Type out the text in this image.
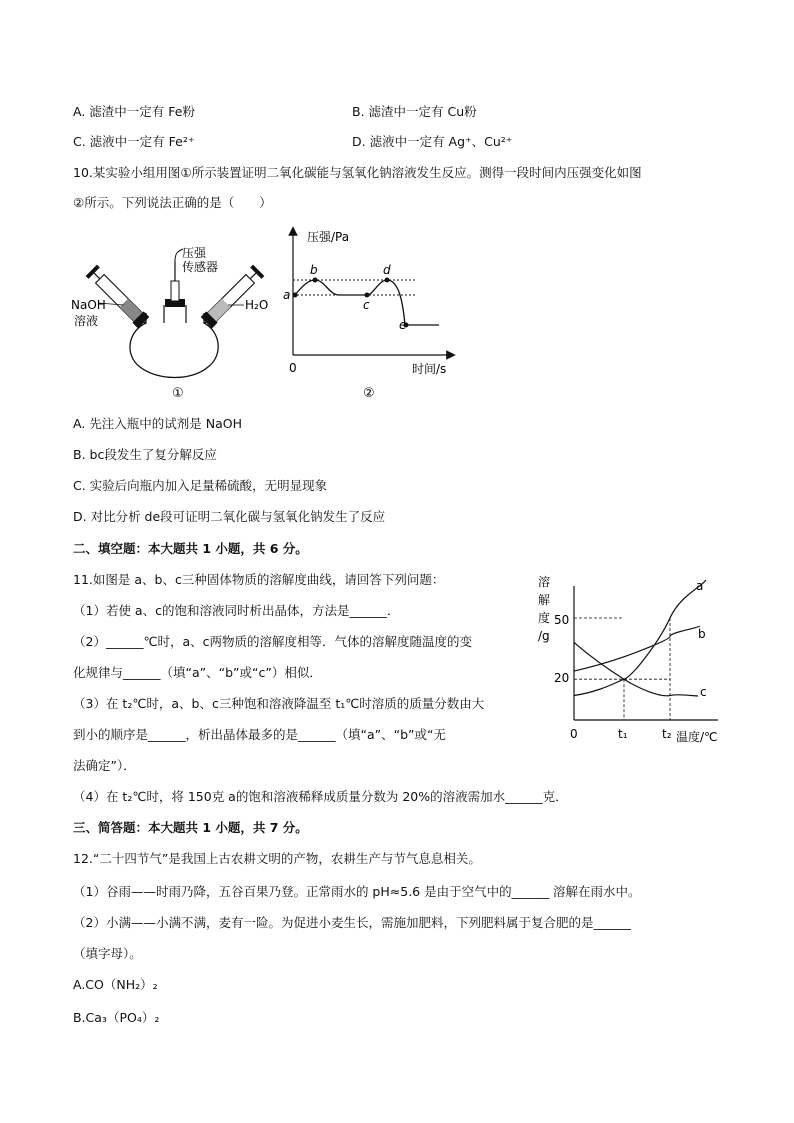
A. 滤渣中一定有 Fe粉	B. 滤渣中一定有 Cu粉
C. 滤液中一定有 Fe²⁺	D. 滤液中一定有 Ag⁺、Cu²⁺
10.某实验小组用图①所示装置证明二氧化碳能与氢氧化钠溶液发生反应。测得一段时间内压强变化如图
②所示。下列说法正确的是（　　）
压强
传感器
NaOH
溶液
H₂O
①
压强/Pa
时间/s
0
a
b
c
d
e
②
A. 先注入瓶中的试剂是 NaOH
B. bc段发生了复分解反应
C. 实验后向瓶内加入足量稀硫酸，无明显现象
D. 对比分析 de段可证明二氧化碳与氢氧化钠发生了反应
二、填空题：本大题共 1 小题，共 6 分。
11.如图是 a、b、c三种固体物质的溶解度曲线，请回答下列问题：
（1）若使 a、c的饱和溶液同时析出晶体，方法是______．
（2）______℃时，a、c两物质的溶解度相等．气体的溶解度随温度的变
化规律与______（填“a”、“b”或“c”）相似．
（3）在 t₂℃时，a、b、c三种饱和溶液降温至 t₁℃时溶质的质量分数由大
到小的顺序是______，析出晶体最多的是______（填“a”、“b”或“无
法确定”）．
（4）在 t₂℃时，将 150克 a的饱和溶液稀释成质量分数为 20%的溶液需加水______克．
溶
解
度
/g
50
20
0	t₁	t₂ 温度/℃
a
b
c
三、简答题：本大题共 1 小题，共 7 分。
12.“二十四节气”是我国上古农耕文明的产物，农耕生产与节气息息相关。
（1）谷雨——时雨乃降，五谷百果乃登。正常雨水的 pH≈5.6 是由于空气中的______ 溶解在雨水中。
（2）小满——小满不满，麦有一险。为促进小麦生长，需施加肥料，下列肥料属于复合肥的是______
（填字母）。
A.CO（NH₂）₂
B.Ca₃（PO₄）₂
